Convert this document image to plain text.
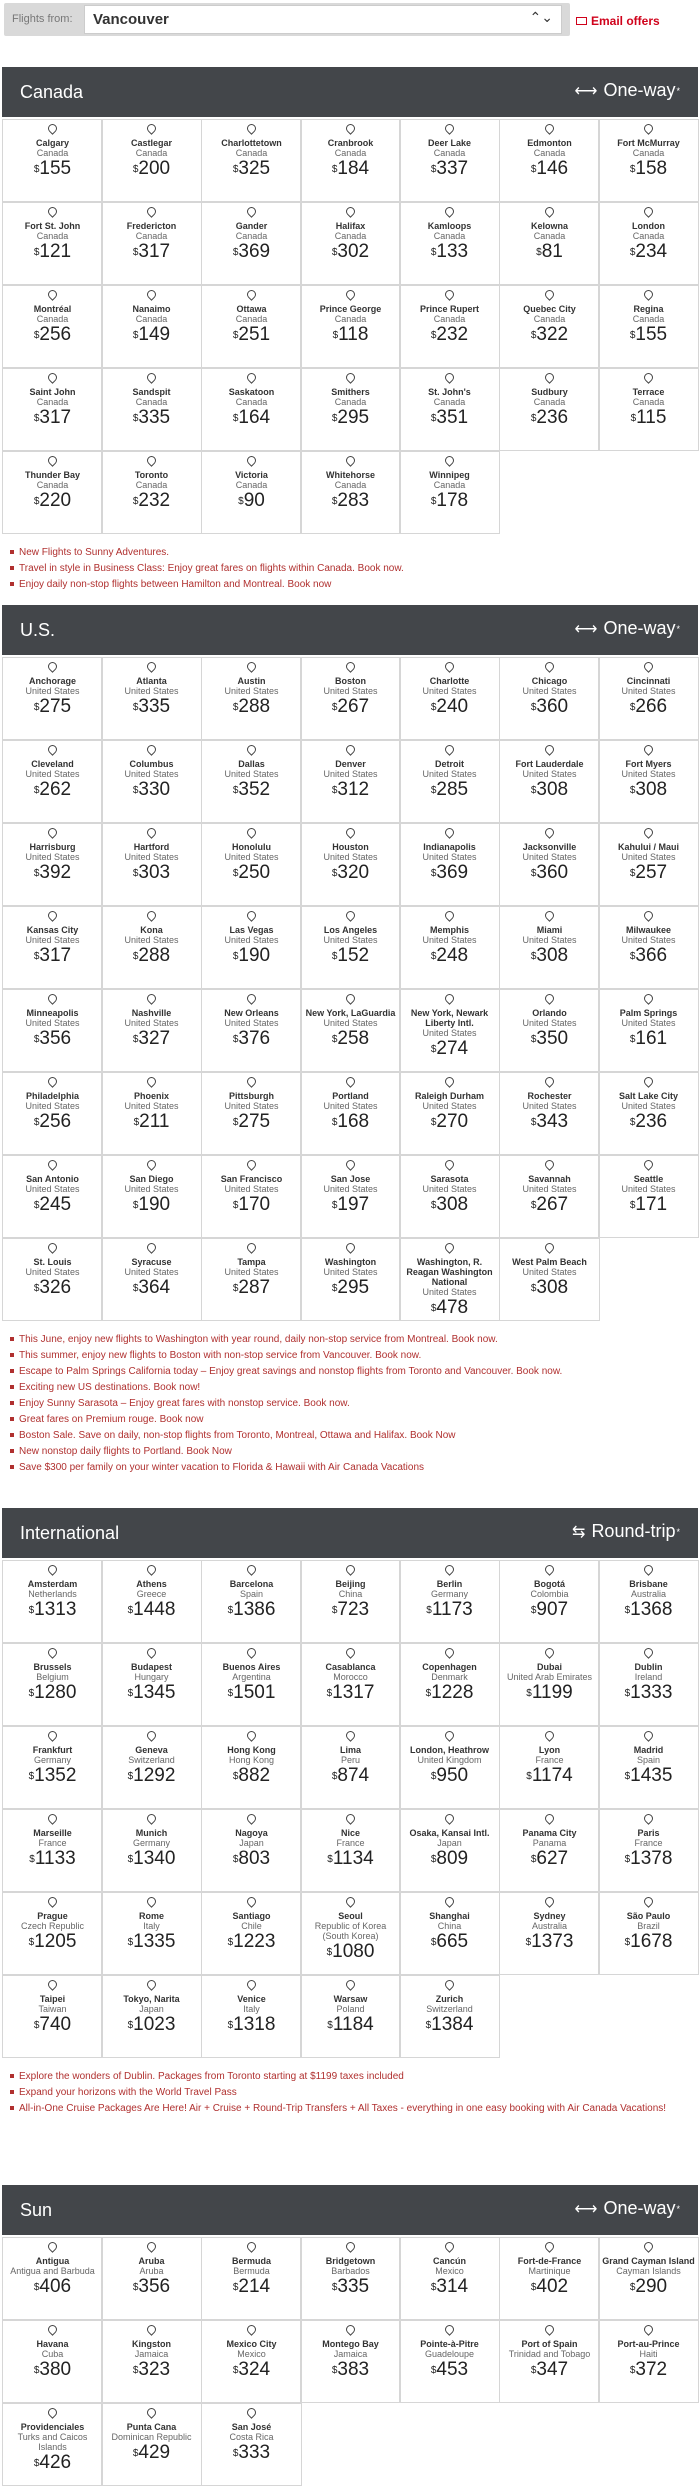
Flights from: Vancouver	⌃⌄	Email offers
Canada	⟷ One-way *
Calgary
Canada
$155
Castlegar
Canada
$200
Charlottetown
Canada
$325
Cranbrook
Canada
$184
Deer Lake
Canada
$337
Edmonton
Canada
$146
Fort McMurray
Canada
$158
Fort St. John
Canada
$121
Fredericton
Canada
$317
Gander
Canada
$369
Halifax
Canada
$302
Kamloops
Canada
$133
Kelowna
Canada
$81
London
Canada
$234
Montréal
Canada
$256
Nanaimo
Canada
$149
Ottawa
Canada
$251
Prince George
Canada
$118
Prince Rupert
Canada
$232
Quebec City
Canada
$322
Regina
Canada
$155
Saint John
Canada
$317
Sandspit
Canada
$335
Saskatoon
Canada
$164
Smithers
Canada
$295
St. John's
Canada
$351
Sudbury
Canada
$236
Terrace
Canada
$115
Thunder Bay
Canada
$220
Toronto
Canada
$232
Victoria
Canada
$90
Whitehorse
Canada
$283
Winnipeg
Canada
$178
New Flights to Sunny Adventures.
Travel in style in Business Class: Enjoy great fares on flights within Canada. Book now.
Enjoy daily non-stop flights between Hamilton and Montreal. Book now
U.S.	⟷ One-way *
Anchorage
United States
$275
Atlanta
United States
$335
Austin
United States
$288
Boston
United States
$267
Charlotte
United States
$240
Chicago
United States
$360
Cincinnati
United States
$266
Cleveland
United States
$262
Columbus
United States
$330
Dallas
United States
$352
Denver
United States
$312
Detroit
United States
$285
Fort Lauderdale
United States
$308
Fort Myers
United States
$308
Harrisburg
United States
$392
Hartford
United States
$303
Honolulu
United States
$250
Houston
United States
$320
Indianapolis
United States
$369
Jacksonville
United States
$360
Kahului / Maui
United States
$257
Kansas City
United States
$317
Kona
United States
$288
Las Vegas
United States
$190
Los Angeles
United States
$152
Memphis
United States
$248
Miami
United States
$308
Milwaukee
United States
$366
Minneapolis
United States
$356
Nashville
United States
$327
New Orleans
United States
$376
New York, LaGuardia
United States
$258
New York, Newark Liberty Intl.
United States
$274
Orlando
United States
$350
Palm Springs
United States
$161
Philadelphia
United States
$256
Phoenix
United States
$211
Pittsburgh
United States
$275
Portland
United States
$168
Raleigh Durham
United States
$270
Rochester
United States
$343
Salt Lake City
United States
$236
San Antonio
United States
$245
San Diego
United States
$190
San Francisco
United States
$170
San Jose
United States
$197
Sarasota
United States
$308
Savannah
United States
$267
Seattle
United States
$171
St. Louis
United States
$326
Syracuse
United States
$364
Tampa
United States
$287
Washington
United States
$295
Washington, R. Reagan Washington National
United States
$478
West Palm Beach
United States
$308
This June, enjoy new flights to Washington with year round, daily non-stop service from Montreal. Book now.
This summer, enjoy new flights to Boston with non-stop service from Vancouver. Book now.
Escape to Palm Springs California today – Enjoy great savings and nonstop flights from Toronto and Vancouver. Book now.
Exciting new US destinations. Book now!
Enjoy Sunny Sarasota – Enjoy great fares with nonstop service. Book now.
Great fares on Premium rouge. Book now
Boston Sale. Save on daily, non-stop flights from Toronto, Montreal, Ottawa and Halifax. Book Now
New nonstop daily flights to Portland. Book Now
Save $300 per family on your winter vacation to Florida & Hawaii with Air Canada Vacations
International	⇆ Round-trip *
Amsterdam
Netherlands
$1313
Athens
Greece
$1448
Barcelona
Spain
$1386
Beijing
China
$723
Berlin
Germany
$1173
Bogotá
Colombia
$907
Brisbane
Australia
$1368
Brussels
Belgium
$1280
Budapest
Hungary
$1345
Buenos Aires
Argentina
$1501
Casablanca
Morocco
$1317
Copenhagen
Denmark
$1228
Dubai
United Arab Emirates
$1199
Dublin
Ireland
$1333
Frankfurt
Germany
$1352
Geneva
Switzerland
$1292
Hong Kong
Hong Kong
$882
Lima
Peru
$874
London, Heathrow
United Kingdom
$950
Lyon
France
$1174
Madrid
Spain
$1435
Marseille
France
$1133
Munich
Germany
$1340
Nagoya
Japan
$803
Nice
France
$1134
Osaka, Kansai Intl.
Japan
$809
Panama City
Panama
$627
Paris
France
$1378
Prague
Czech Republic
$1205
Rome
Italy
$1335
Santiago
Chile
$1223
Seoul
Republic of Korea (South Korea)
$1080
Shanghai
China
$665
Sydney
Australia
$1373
São Paulo
Brazil
$1678
Taipei
Taiwan
$740
Tokyo, Narita
Japan
$1023
Venice
Italy
$1318
Warsaw
Poland
$1184
Zurich
Switzerland
$1384
Explore the wonders of Dublin. Packages from Toronto starting at $1199 taxes included
Expand your horizons with the World Travel Pass
All-in-One Cruise Packages Are Here! Air + Cruise + Round-Trip Transfers + All Taxes - everything in one easy booking with Air Canada Vacations!
Sun	⟷ One-way *
Antigua
Antigua and Barbuda
$406
Aruba
Aruba
$356
Bermuda
Bermuda
$214
Bridgetown
Barbados
$335
Cancún
Mexico
$314
Fort-de-France
Martinique
$402
Grand Cayman Island
Cayman Islands
$290
Havana
Cuba
$380
Kingston
Jamaica
$323
Mexico City
Mexico
$324
Montego Bay
Jamaica
$383
Pointe-à-Pitre
Guadeloupe
$453
Port of Spain
Trinidad and Tobago
$347
Port-au-Prince
Haiti
$372
Providenciales
Turks and Caicos Islands
$426
Punta Cana
Dominican Republic
$429
San José
Costa Rica
$333
